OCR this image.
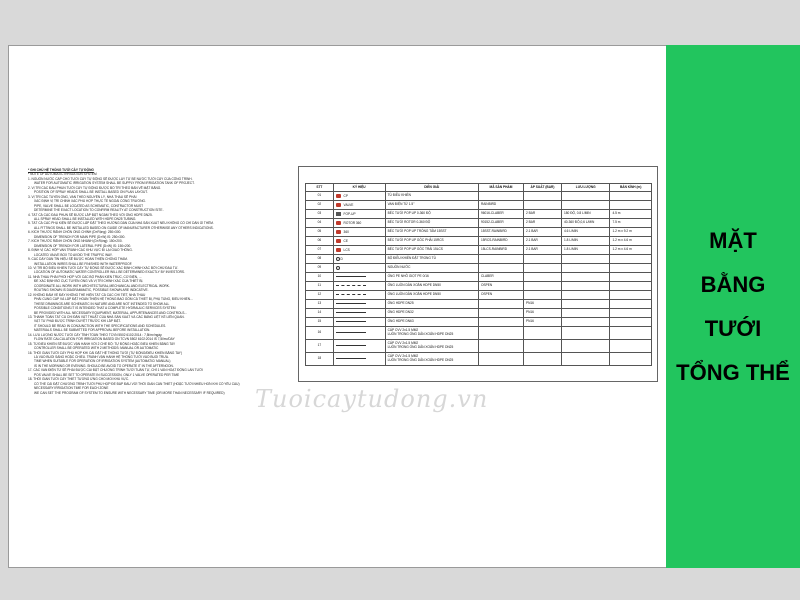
* GHI CHÚ HỆ THỐNG TƯỚI CÂY TỰ ĐỘNG
* NOTE OF AUTOMATIC IRRIGATION SYSTEM
1. NGUỒN NƯỚC CẤP CHO TƯỚI CÂY TỰ ĐỘNG SẼ ĐƯỢC LẤY TỪ BỂ NƯỚC TƯỚI CÂY CỦA CÔNG TRÌNH.
WATER FOR AUTOMATIC IRRIGATION SYSTEM SHALL BE SUPPLY FROM IRRIGATION TANK OF PROJECT.
2. VỊ TRÍ CÁC ĐẦU PHUN TƯỚI CÂY TỰ ĐỘNG ĐƯỢC BỐ TRÍ THEO BẢN VẼ MẶT BẰNG.
POSITION OF SPRAY HEADS SHALL BE INSTALL BASED ON PLAN LAYOUT.
3. VỊ TRÍ CÁC TUYẾN ỐNG, VAN THEO NGUYÊN LÝ, NHÀ THẦU SẼ PHẢI
XÁC ĐỊNH VỊ TRÍ CHÍNH XÁC PHÙ HỢP THỰC TẾ NGOÀI CÔNG TRƯỜNG.
PIPE, VALVE SHALL BE LOCATED AS SCHEMATIC, CONTRACTOR MUST
DETERMINE THE EXACT LOCATION TO CONFIRM REALITY AT CONSTRUCTION SITE .
4. TẤT CẢ CÁC ĐẦU PHUN SẼ ĐƯỢC LẮP ĐẶT NGÀM THEO VỚI ỐNG HDPE DN25.
ALL SPRAY HEAD SHALL BE INSTALLED WITH HDPE DN25 TUBING.
5. TẤT CẢ CÁC PHỤ KIỆN SẼ ĐƯỢC LẮP ĐẶT THEO HƯỚNG DẪN CỦA NHÀ SẢN XUẤT NẾU KHÔNG CÓ CHỈ DẪN GÌ THÊM.
ALL FITTINGS SHALL BE INSTALLED BASED ON GUIDE OF MANUFACTURER OTHERWISE ANY OTHERS INDICATIONS.
6. KÍCH THƯỚC RÃNH CHÔN ỐNG CHÍNH (D×Rộng): 250×300.
DIMENSION OF TRENCH FOR MAIN PIPE (D×W) IS: 250×300.
7. KÍCH THƯỚC RÃNH CHÔN ỐNG NHÁNH (D×Rộng): 150×200.
DIMENSION OF TRENCH FOR LATERAL PIPE (D×W) IS: 150×200.
8. ĐỊNH VỊ CÁC HỘP VAN TRÁNH CÁC KHU VỰC ĐI LẠI GIAO THÔNG.
LOCATED VALVE BOX TO AVOID THE TRAFFIC WAY.
9. CÁC DÂY DẪN TÍN HIỆU SẼ ĐƯỢC HOÀN THIỆN CHỐNG THẤM.
INSTALLATION WIRES SHALL BE FINISHED WITH WATERPROOF.
10. VỊ TRÍ BỘ ĐIỀU KHIỂN TƯỚI CÂY TỰ ĐỘNG SẼ ĐƯỢC XÁC ĐỊNH CHÍNH XÁC BỞI CHỦ ĐẦU TƯ.
LOCATION OF AUTOMATIC WATER CONTROLLER WILL BE DETERMINED EXACTLY BY INVESTORS.
11. NHÀ THẦU PHẢI PHỐI HỢP VỚI CÁC BỘ PHẬN KIẾN TRÚC, CƠ ĐIỆN, ...
ĐỂ XÁC ĐỊNH BỐ CỤC TUYẾN ỐNG VÀ VỊ TRÍ CHÍNH XÁC CỦA THIẾT BỊ.
COORDINATE ALL WORK WITH ARCHITECTURAL,MECHANICAL AND ELECTRICAL WORK.
ROUTING SHOWN IS DIAGRAMMATIC, POSSIBLE SHOWN ARE INDICATIVE.
12. KHÔNG ĐẢM VỀ ĐÂY KHÔNG THỂ HIỆN TẤT CẢ CÁC CHI TIẾT, NHÀ THẦU
PHẢI CUNG CẤP VÀ LẮP ĐẶT HOÀN THIỆN HỆ THỐNG BAO GỒM CẢ THIẾT BỊ, PHỤ TÙNG, ĐIỀU KHIỂN...
THESE DRAWINGS ARE SCHEMATIC IN NATURE AND ARE NOT INTENDED TO SHOW ALL
POSSIBLE CONDITIONS.IT IS INTENDED THAT A COMPLETE HYDRAULIC SERVICES SYSTEM
BE PROVIDED WITH ALL NECESSARY EQUIPMENT, MATERIAL, APPURTENANCES AND CONTROLS...
13. THANH TOÁN TẤT CẢ CHI ĐÃN VẬT THUẬT CỦA NHÀ SẢN XUẤT VÀ CÁC BẢNG LIỆT KÊ LIÊN QUAN.
VẬT TƯ PHẢI ĐƯỢC TRÌNH DUYỆT TRƯỚC KHI LẮP ĐẶT.
IT SHOULD BE READ IN CONJUNCTION WITH THE SPECIFICATIONS AND SCHEDULES.
MATERIALS SHALL BE SUBMITTED FOR APPROVAL BEFORE INSTALLATION.
14. LƯU LƯỢNG NƯỚC TƯỚI CÂY TÍNH TOÁN THEO TCVN 5502 6102:2014 : 7,5l/m²/ngày.
FLOW RATE CALCULATION FOR IRRIGATION BASED ON TCVN 5502 6102:2014 IS 7,5l/m²/DAY
15. TỦ ĐIỀU KHIỂN SẼ ĐƯỢC VẬN HÀNH VỚI 2 CHẾ ĐỘ: TỰ ĐỘNG HOẶC ĐIỀU KHIỂN BẰNG TAY
CONTROLLER SHALL BE OPERATED WITH 2 METHODS: MANUAL OR AUTOMATIC
16. THỜI GIAN TƯỚI CÂY PHÙ HỢP KHI CÀI ĐẶT HỆ THỐNG TƯỚI (TỰ ĐỘNG/ĐIỀU KHIỂN BẰNG TAY)
LÀ VÀO BUỔI SÁNG HOẶC CHIỀU. TRÁNH VẬN HÀNH HỆ THỐNG TƯỚI VÀO BUỔI TRƯA.
TIME WHEN SUITABLE FOR OPERATION OF IRRIGATION SYSTEM (AUTOMATIC/ MANUAL)
IS IN THE MORNING OR EVENING. SHOULD BE AVOID TO OPERATE IT IN THE AFTERNOON.
17. CÁC VAN ĐIỆN TỪ SẼ PHẢI ĐƯỢC CÀI ĐẶT CHƯƠNG TRÌNH TƯỚI TUẦN TỰ, CHỈ 1 VAN HOẠT ĐỘNG LẦN TƯỚI
POS VALVE SHALL BE SET TO OPERATE IN SUCCESSION, ONLY 1 VALVE OPERATED PER TIME
18. THỜI GIAN TƯỚI CÂY THIẾT TƯƠNG ỨNG CHO MỖI KHU VỰC.
CÓ THỂ CÀI ĐẶT CHƯƠNG TRÌNH TƯỚI PHÙ HỢP ĐỂ ĐÁP ĐẦU VỚI THỜI GIAN CẦN THIẾT (HOẶC TƯỚI NHIỀU HƠN KHI CÓ YÊU CẦU)
NECESSARY IRRIGATION TIME FOR EACH ZONE
WE CAN SET THE PROGRAM OF SYSTEM TO ENSURE WITH NECESSARY TIME (OR MORE THAN NECESSARY IF REQUIRED)
STT	KÝ HIỆU	DIỄN GIẢI	MÃ SẢN PHẨM	ÁP SUẤT (BAR)	LƯU LƯỢNG	BÁN KÍNH (m)
01	CP	TỦ ĐIỀU KHIỂN				
02	VALVE	VAN ĐIỆN TỪ 1.5"	RAINBIRD			
03	FOP-UP	BÉC TƯỚI POP UP 0-360 ĐỘ	96016-CLABER	2 BAR	180 ĐỘ, 0.8 L/MIN	4.5 m
04	ROTOR 360	BÉC TƯỚI ROTOR 0-360 ĐỘ	90152-CLABER	2 BAR	40-360 ĐỘ,0,6 L/MIN	7.5 m
05	360	BÉC TƯỚI POP UP TRÒNG TÂM 15SST	15SST-RAINBIRD	2.1 BAR	4.6 L/MIN	1.2 m x 9.2 m
06	CE	BÉC TƯỚI POP UP GÓC PHẢI 15RCS	15RCS-RAINBIRD	2.1 BAR	1.8 L/MIN	1.2 m x 4.6 m
07	LCS	BÉC TƯỚI POP UP GÓC TRÁI 15LCS	15LCS-RAINBIRD	2.1 BAR	1.8 L/MIN	1.2 m x 4.6 m
08	D	BỘ ĐIỀU KHIỂN ĐẶT TRONG TỦ				
09		NGUỒN NƯỚC				
10		ỐNG PE NHỎ GIỌT PE 0/16	CLABER			
11		ỐNG LUỒN DÂN XOẮN HDPE DN50	OSPEN			
12		ỐNG LUỒN DÂN XOẮN HDPE DN50	OSPEN			
13		ỐNG HDPE DN25		PN16		
14		ỐNG HDPE DN32		PN16		
15		ỐNG HDPE DN63		PN16		
16		CÁP CVV 2x1.5 MM2
LUỒN TRONG ỐNG DÂN XOẮN HDPE DN25				

17		CÁP CVV 2x1.5 MM2
LUỒN TRONG ỐNG DÂN XOẮN HDPE DN25				

18		CÁP CVV 2x1.5 MM2
LUỒN TRONG ỐNG DÂN XOẮN HDPE DN25				

Tuoicaytudong.vn
MẶT
BẰNG
TƯỚI
TỔNG THỂ
